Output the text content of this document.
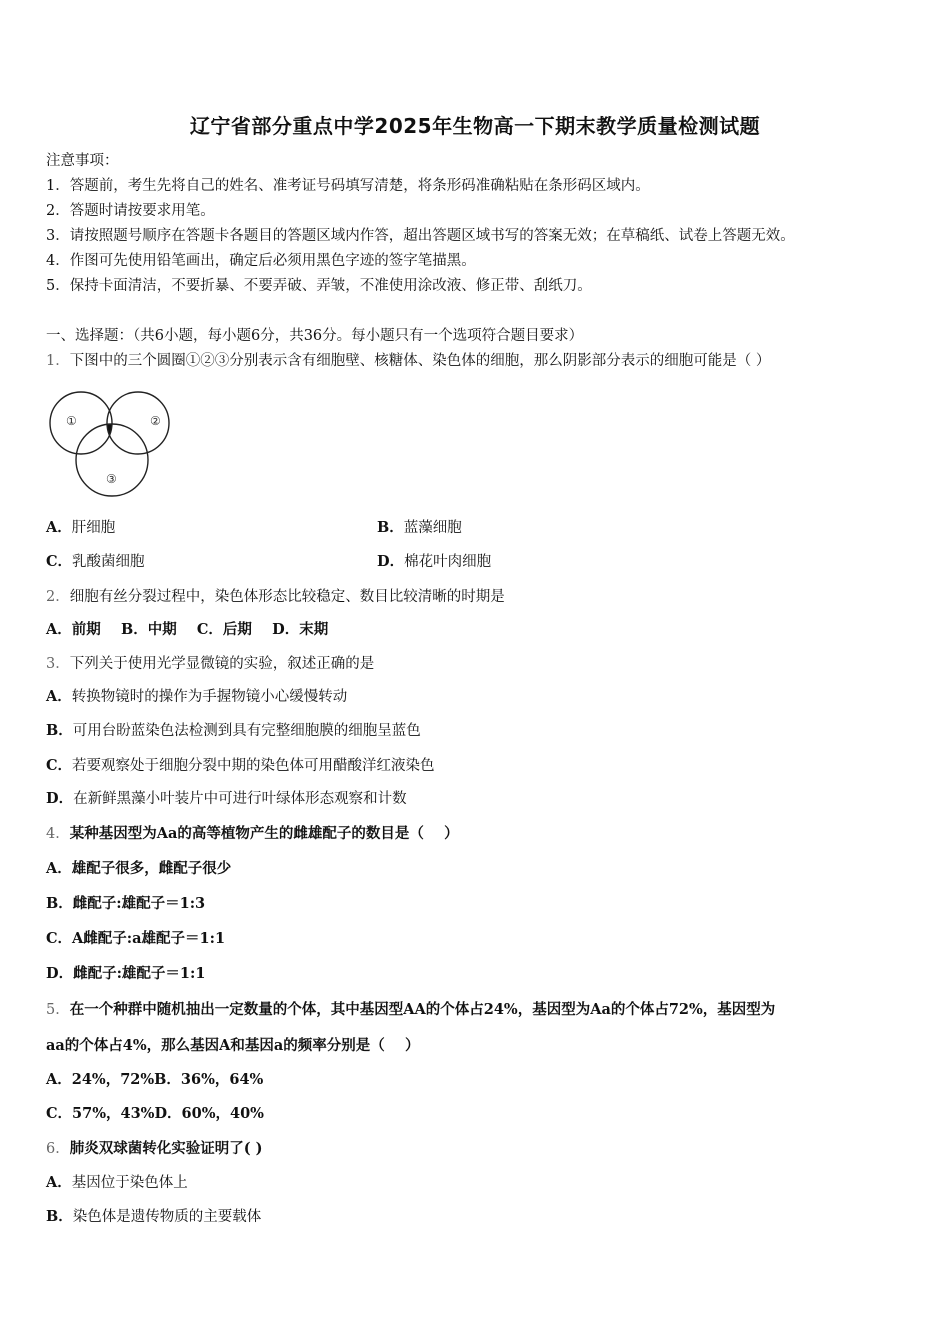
辽宁省部分重点中学2025年生物高一下期末教学质量检测试题
注意事项：
1．答题前，考生先将自己的姓名、准考证号码填写清楚，将条形码准确粘贴在条形码区域内。
2．答题时请按要求用笔。
3．请按照题号顺序在答题卡各题目的答题区域内作答，超出答题区域书写的答案无效；在草稿纸、试卷上答题无效。
4．作图可先使用铅笔画出，确定后必须用黑色字迹的签字笔描黑。
5．保持卡面清洁，不要折暴、不要弄破、弄皱，不准使用涂改液、修正带、刮纸刀。
一、选择题：（共6小题，每小题6分，共36分。每小题只有一个选项符合题目要求）
1．下图中的三个圆圈①②③分别表示含有细胞壁、核糖体、染色体的细胞，那么阴影部分表示的细胞可能是（ ）
①	②
③
A．肝细胞	B．蓝藻细胞
C．乳酸菌细胞	D．棉花叶肉细胞
2．细胞有丝分裂过程中，染色体形态比较稳定、数目比较清晰的时期是
A．前期    B．中期    C．后期    D．末期
3．下列关于使用光学显微镜的实验，叙述正确的是
A．转换物镜时的操作为手握物镜小心缓慢转动
B．可用台盼蓝染色法检测到具有完整细胞膜的细胞呈蓝色
C．若要观察处于细胞分裂中期的染色体可用醋酸洋红液染色
D．在新鲜黑藻小叶装片中可进行叶绿体形态观察和计数
4．某种基因型为Aa的高等植物产生的雌雄配子的数目是（    ）
A．雄配子很多，雌配子很少
B．雌配子:雄配子＝1:3
C．A雌配子:a雄配子＝1:1
D．雌配子:雄配子＝1:1
5．在一个种群中随机抽出一定数量的个体，其中基因型AA的个体占24%，基因型为Aa的个体占72%，基因型为
aa的个体占4%，那么基因A和基因a的频率分别是（    ）
A．24%，72%B．36%，64%
C．57%，43%D．60%，40%
6．肺炎双球菌转化实验证明了( )
A．基因位于染色体上
B．染色体是遗传物质的主要载体
